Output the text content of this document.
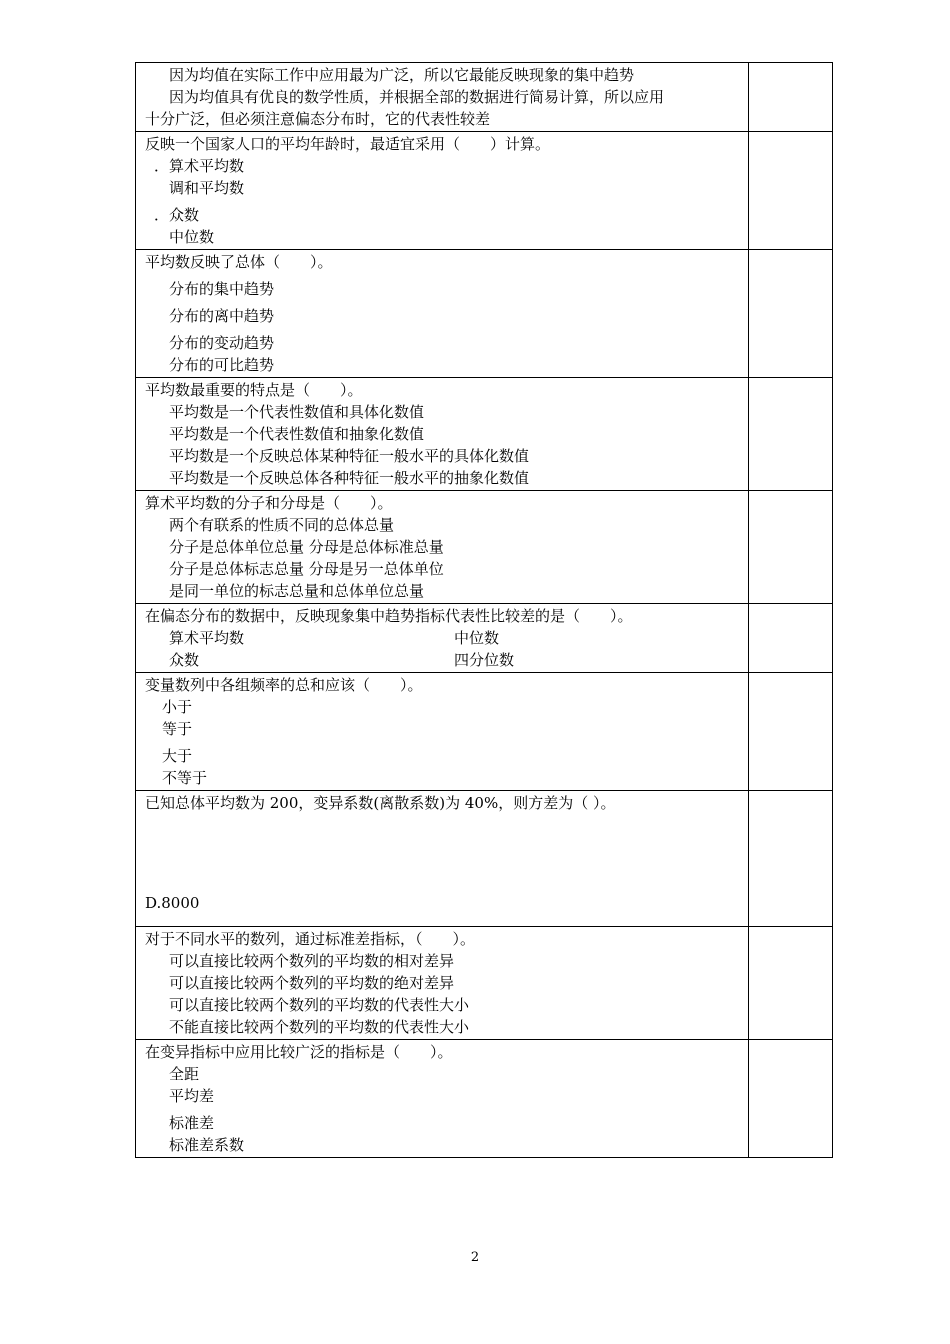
因为均值在实际工作中应用最为广泛，所以它最能反映现象的集中趋势
因为均值具有优良的数学性质，并根据全部的数据进行简易计算，所以应用
十分广泛，但必须注意偏态分布时，它的代表性较差	

反映一个国家人口的平均年龄时，最适宜采用（　　）计算。
．算术平均数
调和平均数
．众数
中位数	

平均数反映了总体（　　）。
分布的集中趋势
分布的离中趋势
分布的变动趋势
分布的可比趋势	

平均数最重要的特点是（　　）。
平均数是一个代表性数值和具体化数值
平均数是一个代表性数值和抽象化数值
平均数是一个反映总体某种特征一般水平的具体化数值
平均数是一个反映总体各种特征一般水平的抽象化数值	

算术平均数的分子和分母是（　　）。
两个有联系的性质不同的总体总量
分子是总体单位总量 分母是总体标准总量
分子是总体标志总量 分母是另一总体单位
是同一单位的标志总量和总体单位总量	

在偏态分布的数据中，反映现象集中趋势指标代表性比较差的是（　　）。
算术平均数 中位数
众数 四分位数	

变量数列中各组频率的总和应该（　　）。
小于
等于
大于
不等于	

已知总体平均数为 200，变异系数(离散系数)为 40%，则方差为（ ）。
D.8000	

对于不同水平的数列，通过标准差指标，（　　）。
可以直接比较两个数列的平均数的相对差异
可以直接比较两个数列的平均数的绝对差异
可以直接比较两个数列的平均数的代表性大小
不能直接比较两个数列的平均数的代表性大小	

在变异指标中应用比较广泛的指标是（　　）。
全距
平均差
标准差
标准差系数	

2
